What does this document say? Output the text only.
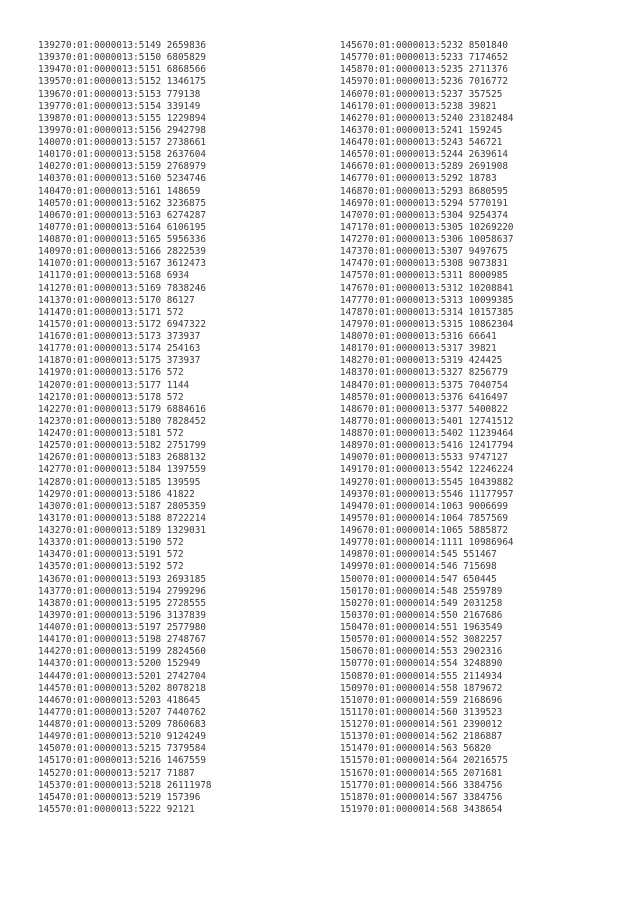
139270:01:0000013:5149 2659836
139370:01:0000013:5150 6805829
139470:01:0000013:5151 6868566
139570:01:0000013:5152 1346175
139670:01:0000013:5153 779138
139770:01:0000013:5154 339149
139870:01:0000013:5155 1229894
139970:01:0000013:5156 2942798
140070:01:0000013:5157 2738661
140170:01:0000013:5158 2637604
140270:01:0000013:5159 2768979
140370:01:0000013:5160 5234746
140470:01:0000013:5161 148659
140570:01:0000013:5162 3236875
140670:01:0000013:5163 6274287
140770:01:0000013:5164 6106195
140870:01:0000013:5165 5956336
140970:01:0000013:5166 2822539
141070:01:0000013:5167 3612473
141170:01:0000013:5168 6934
141270:01:0000013:5169 7838246
141370:01:0000013:5170 86127
141470:01:0000013:5171 572
141570:01:0000013:5172 6947322
141670:01:0000013:5173 373937
141770:01:0000013:5174 254163
141870:01:0000013:5175 373937
141970:01:0000013:5176 572
142070:01:0000013:5177 1144
142170:01:0000013:5178 572
142270:01:0000013:5179 6884616
142370:01:0000013:5180 7828452
142470:01:0000013:5181 572
142570:01:0000013:5182 2751799
142670:01:0000013:5183 2688132
142770:01:0000013:5184 1397559
142870:01:0000013:5185 139595
142970:01:0000013:5186 41822
143070:01:0000013:5187 2805359
143170:01:0000013:5188 8722214
143270:01:0000013:5189 1329031
143370:01:0000013:5190 572
143470:01:0000013:5191 572
143570:01:0000013:5192 572
143670:01:0000013:5193 2693185
143770:01:0000013:5194 2799296
143870:01:0000013:5195 2728555
143970:01:0000013:5196 3137839
144070:01:0000013:5197 2577980
144170:01:0000013:5198 2748767
144270:01:0000013:5199 2824560
144370:01:0000013:5200 152949
144470:01:0000013:5201 2742704
144570:01:0000013:5202 8078218
144670:01:0000013:5203 418645
144770:01:0000013:5207 7440762
144870:01:0000013:5209 7860683
144970:01:0000013:5210 9124249
145070:01:0000013:5215 7379584
145170:01:0000013:5216 1467559
145270:01:0000013:5217 71887
145370:01:0000013:5218 26111978
145470:01:0000013:5219 157396
145570:01:0000013:5222 92121
145670:01:0000013:5232 8501840
145770:01:0000013:5233 7174652
145870:01:0000013:5235 2711376
145970:01:0000013:5236 7016772
146070:01:0000013:5237 357525
146170:01:0000013:5238 39821
146270:01:0000013:5240 23182484
146370:01:0000013:5241 159245
146470:01:0000013:5243 546721
146570:01:0000013:5244 2639614
146670:01:0000013:5289 2691908
146770:01:0000013:5292 18783
146870:01:0000013:5293 8680595
146970:01:0000013:5294 5770191
147070:01:0000013:5304 9254374
147170:01:0000013:5305 10269220
147270:01:0000013:5306 10058637
147370:01:0000013:5307 9497675
147470:01:0000013:5308 9073831
147570:01:0000013:5311 8000985
147670:01:0000013:5312 10208841
147770:01:0000013:5313 10099385
147870:01:0000013:5314 10157385
147970:01:0000013:5315 10862304
148070:01:0000013:5316 66641
148170:01:0000013:5317 39821
148270:01:0000013:5319 424425
148370:01:0000013:5327 8256779
148470:01:0000013:5375 7040754
148570:01:0000013:5376 6416497
148670:01:0000013:5377 5400822
148770:01:0000013:5401 12741512
148870:01:0000013:5402 11239464
148970:01:0000013:5416 12417794
149070:01:0000013:5533 9747127
149170:01:0000013:5542 12246224
149270:01:0000013:5545 10439882
149370:01:0000013:5546 11177957
149470:01:0000014:1063 9006699
149570:01:0000014:1064 7857569
149670:01:0000014:1065 5885872
149770:01:0000014:1111 10986964
149870:01:0000014:545 551467
149970:01:0000014:546 715698
150070:01:0000014:547 650445
150170:01:0000014:548 2559789
150270:01:0000014:549 2031258
150370:01:0000014:550 2167686
150470:01:0000014:551 1963549
150570:01:0000014:552 3082257
150670:01:0000014:553 2902316
150770:01:0000014:554 3248890
150870:01:0000014:555 2114934
150970:01:0000014:558 1879672
151070:01:0000014:559 2168696
151170:01:0000014:560 3139523
151270:01:0000014:561 2390012
151370:01:0000014:562 2186887
151470:01:0000014:563 56820
151570:01:0000014:564 20216575
151670:01:0000014:565 2071681
151770:01:0000014:566 3384756
151870:01:0000014:567 3384756
151970:01:0000014:568 3438654
